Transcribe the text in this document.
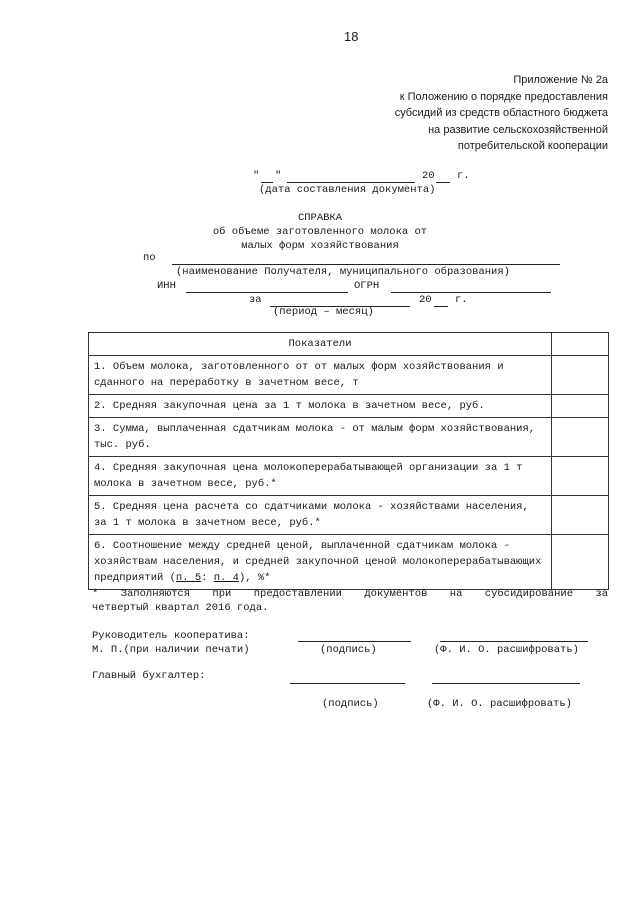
18
Приложение № 2а
к Положению о порядке предоставления
субсидий из средств областного бюджета
на развитие сельскохозяйственной
потребительской кооперации
" "	20 г.
(дата составления документа)
СПРАВКА
об объеме заготовленного молока от
малых форм хозяйствования
по
(наименование Получателя, муниципального образования)
ИНН	ОГРН
за	20 г.
(период – месяц)
Показатели	
1. Объем молока, заготовленного от от малых форм хозяйствования и сданного на переработку в зачетном весе, т	
2. Средняя закупочная цена за 1 т молока в зачетном весе, руб.	
3. Сумма, выплаченная сдатчикам молока - от малым форм хозяйствования, тыс. руб.	
4. Средняя закупочная цена молокоперерабатывающей организации за 1 т молока в зачетном весе, руб.*	
5. Средняя цена расчета со сдатчиками молока - хозяйствами населения, за 1 т молока в зачетном весе, руб.*	
6. Соотношение между средней ценой, выплаченной сдатчикам молока - хозяйствам населения, и средней закупочной ценой молокоперерабатывающих предприятий (п. 5: п. 4), %*	
* Заполняются при предоставлении документов на субсидирование за
четвертый квартал 2016 года.
Руководитель кооператива:
М. П.(при наличии печати)	(подпись)	(Ф. И. О. расшифровать)
Главный бухгалтер:
(подпись)	(Ф. И. О. расшифровать)
